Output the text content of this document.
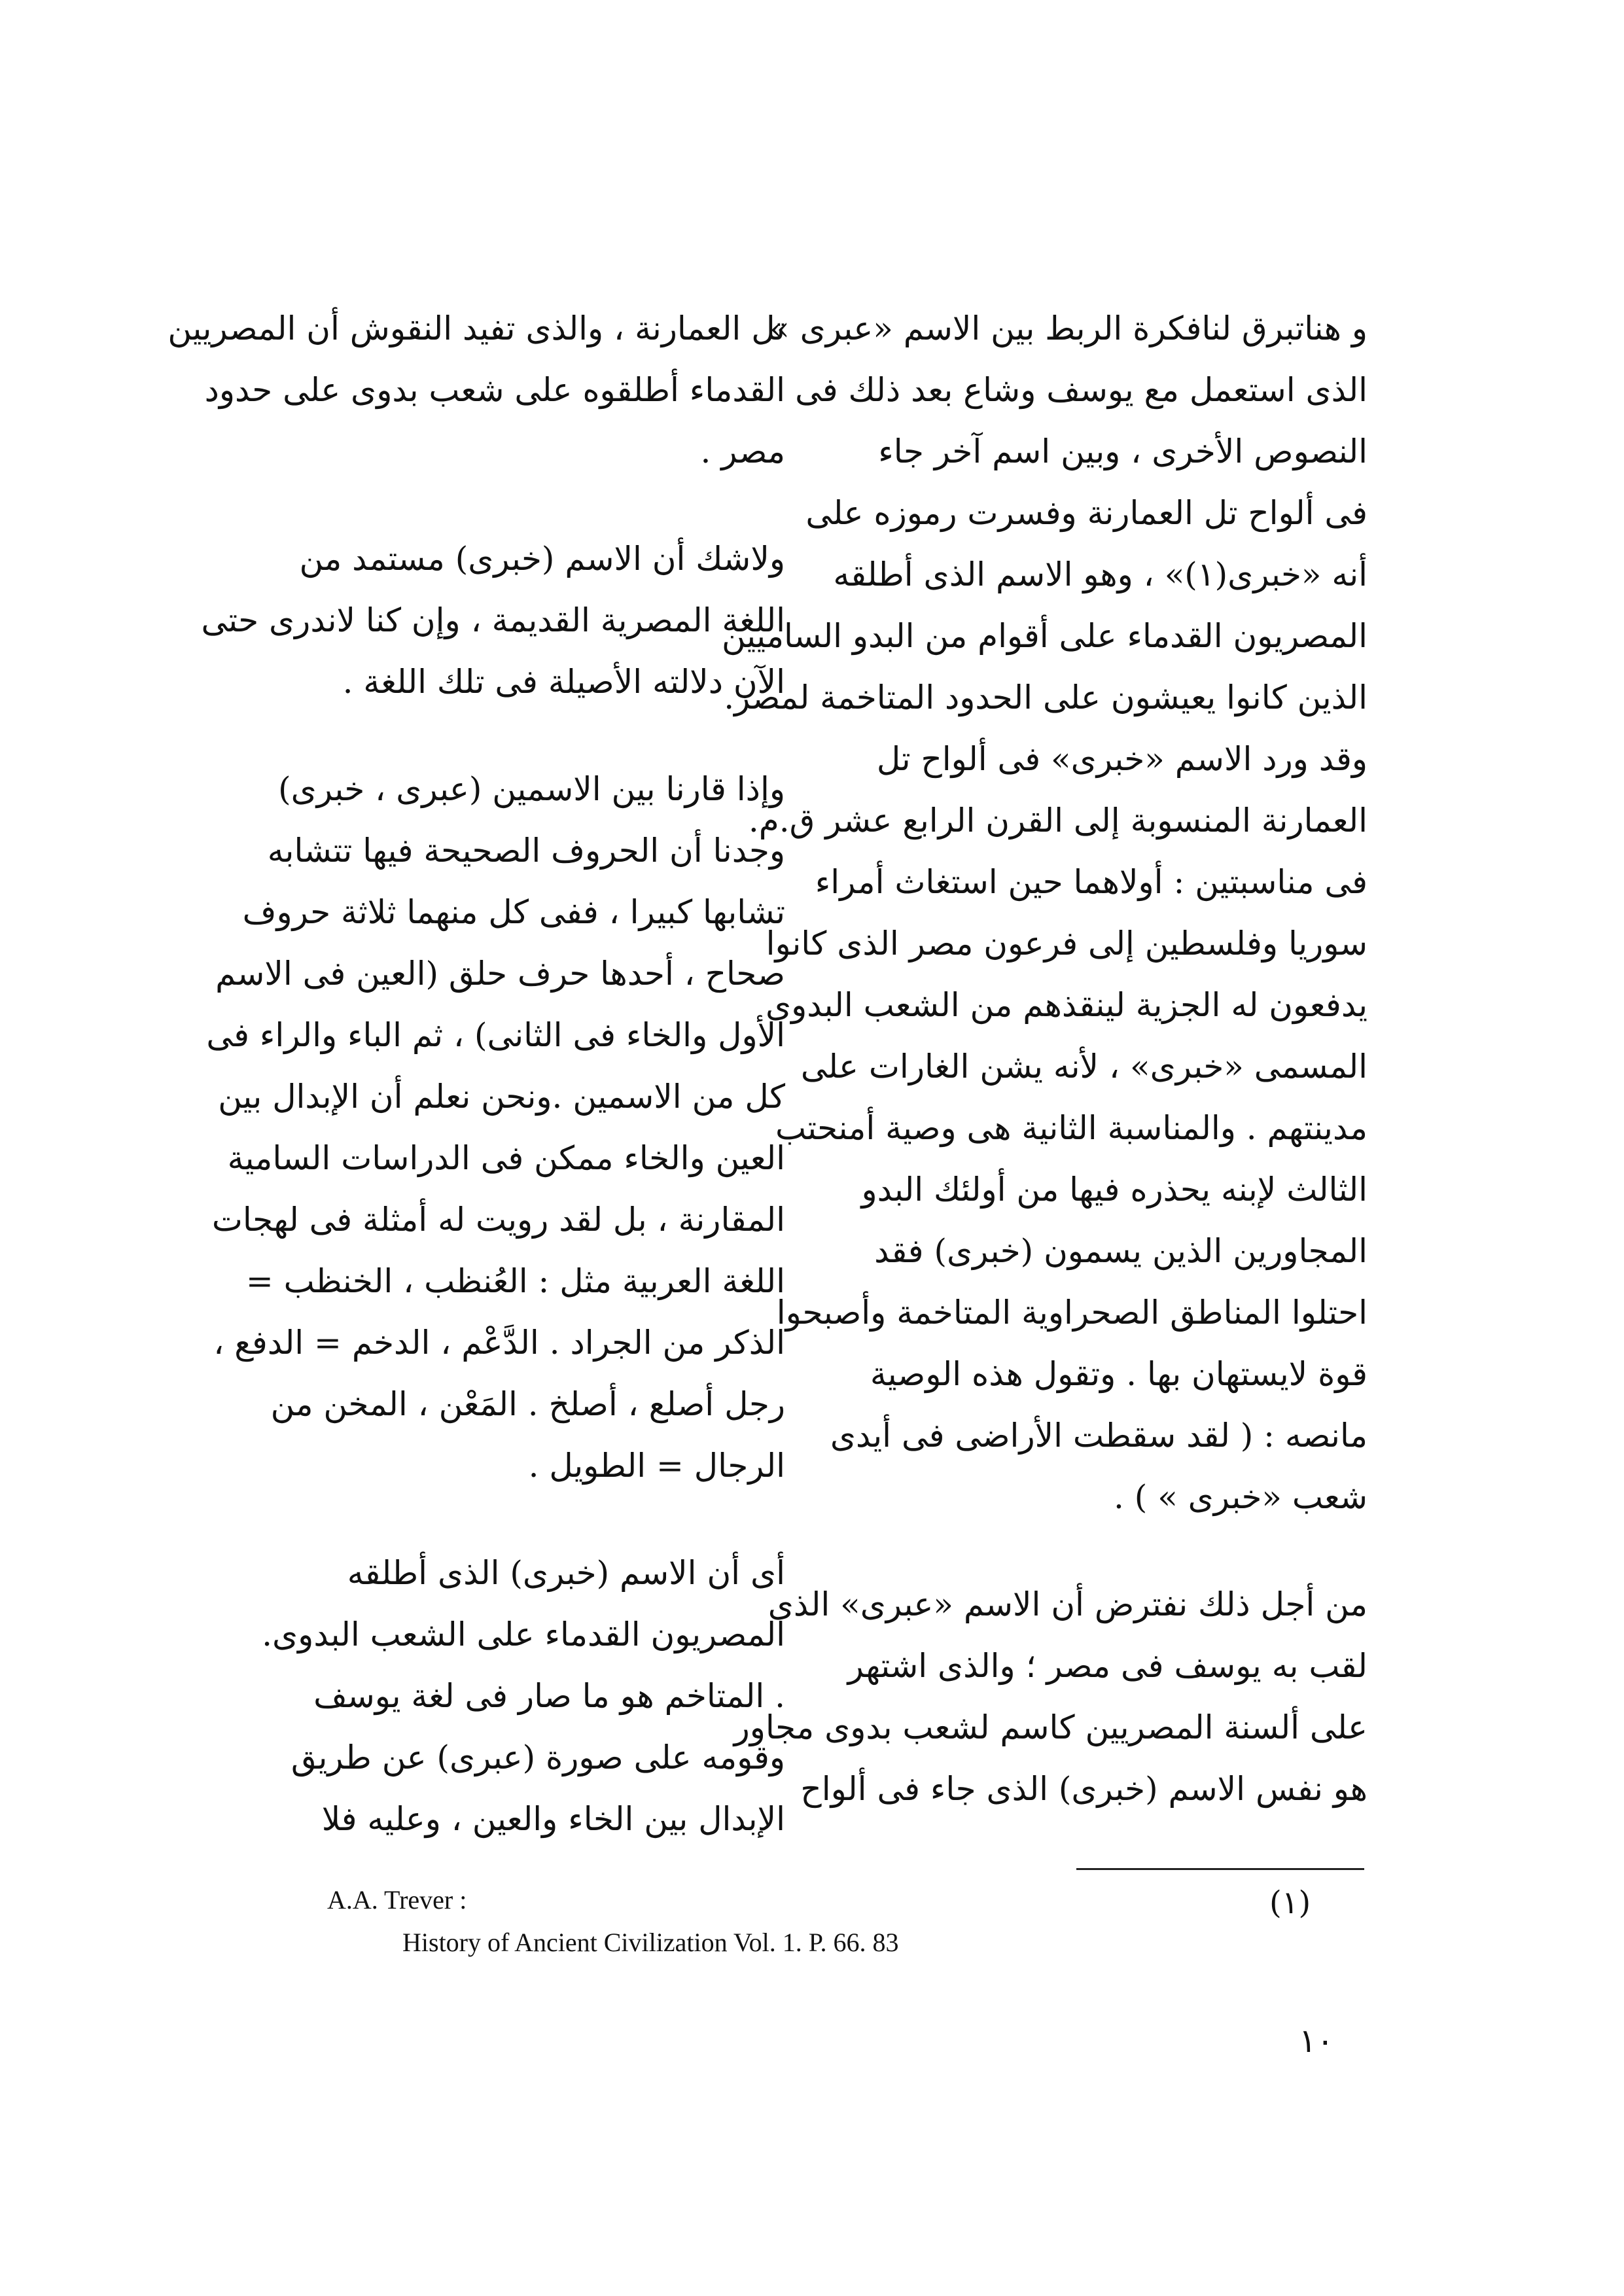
و هناتبرق لنافكرة الربط بين الاسم «عبرى »
الذى استعمل مع يوسف وشاع بعد ذلك فى
النصوص الأخرى ، وبين اسم آخر جاء
فى ألواح تل العمارنة وفسرت رموزه على
أنه «خبرى(١)» ، وهو الاسم الذى أطلقه
المصريون القدماء على أقوام من البدو الساميين
الذين كانوا يعيشون على الحدود المتاخمة لمصر.
وقد ورد الاسم «خبرى» فى ألواح تل
العمارنة المنسوبة إلى القرن الرابع عشر ق.م.
فى مناسبتين : أولاهما حين استغاث أمراء
سوريا وفلسطين إلى فرعون مصر الذى كانوا
يدفعون له الجزية لينقذهم من الشعب البدوى
المسمى «خبرى» ، لأنه يشن الغارات على
مدينتهم . والمناسبة الثانية هى وصية أمنحتب
الثالث لإبنه يحذره فيها من أولئك البدو
المجاورين الذين يسمون (خبرى) فقد
احتلوا المناطق الصحراوية المتاخمة وأصبحوا
قوة لايستهان بها . وتقول هذه الوصية
مانصه : ( لقد سقطت الأراضى فى أيدى
شعب «خبرى » ) .
من أجل ذلك نفترض أن الاسم «عبرى» الذى
لقب به يوسف فى مصر ؛ والذى اشتهر
على ألسنة المصريين كاسم لشعب بدوى مجاور
هو نفس الاسم (خبرى) الذى جاء فى ألواح
تل العمارنة ، والذى تفيد النقوش أن المصريين
القدماء أطلقوه على شعب بدوى على حدود
مصر .
ولاشك أن الاسم (خبرى) مستمد من
اللغة المصرية القديمة ، وإن كنا لاندرى حتى
الآن دلالته الأصيلة فى تلك اللغة .
وإذا قارنا بين الاسمين (عبرى ، خبرى)
وجدنا أن الحروف الصحيحة فيها تتشابه
تشابها كبيرا ، ففى كل منهما ثلاثة حروف
صحاح ، أحدها حرف حلق (العين فى الاسم
الأول والخاء فى الثانى) ، ثم الباء والراء فى
كل من الاسمين .ونحن نعلم أن الإبدال بين
العين والخاء ممكن فى الدراسات السامية
المقارنة ، بل لقد رويت له أمثلة فى لهجات
اللغة العربية مثل : العُنظب ، الخنظب =
الذكر من الجراد . الدَّعْم ، الدخم = الدفع ،
رجل أصلع ، أصلخ . المَعْن ، المخن من
الرجال = الطويل .
أى أن الاسم (خبرى) الذى أطلقه
المصريون القدماء على الشعب البدوى.
. المتاخم هو ما صار فى لغة يوسف
وقومه على صورة (عبرى) عن طريق
الإبدال بين الخاء والعين ، وعليه فلا
(١)
A.A. Trever :
History of Ancient Civilization Vol. 1. P. 66. 83
١٠
